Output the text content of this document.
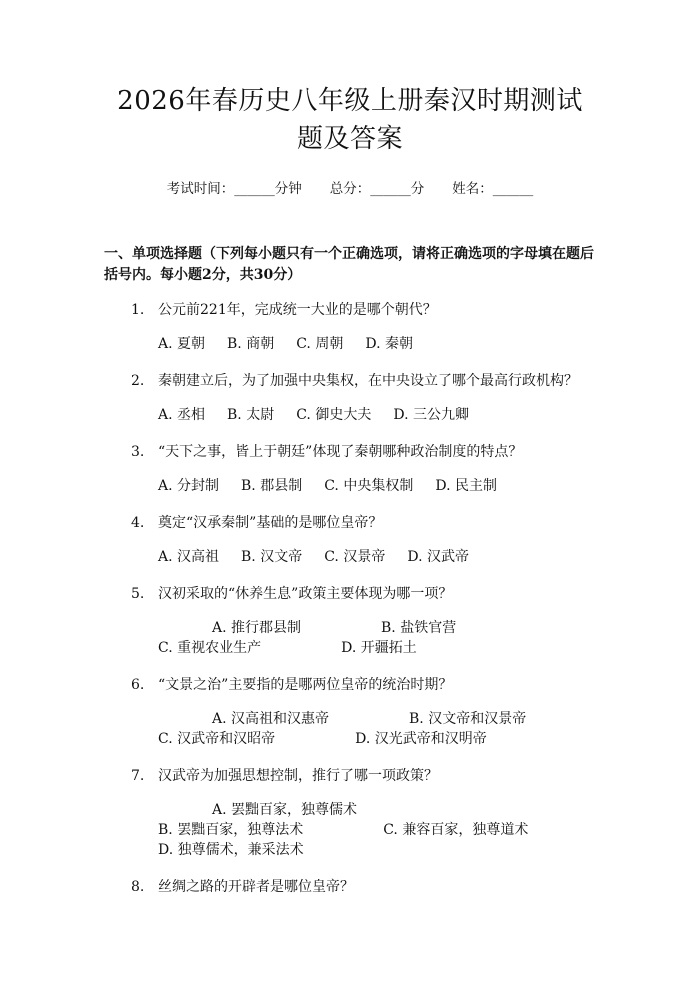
2026年春历史八年级上册秦汉时期测试题及答案
考试时间：______分钟 总分：______分 姓名：______
一、单项选择题（下列每小题只有一个正确选项，请将正确选项的字母填在题后括号内。每小题2分，共30分）
1. 公元前221年，完成统一大业的是哪个朝代？
A. 夏朝 B. 商朝 C. 周朝 D. 秦朝
2. 秦朝建立后，为了加强中央集权，在中央设立了哪个最高行政机构？
A. 丞相 B. 太尉 C. 御史大夫 D. 三公九卿
3. “天下之事，皆上于朝廷”体现了秦朝哪种政治制度的特点？
A. 分封制 B. 郡县制 C. 中央集权制 D. 民主制
4. 奠定“汉承秦制”基础的是哪位皇帝？
A. 汉高祖 B. 汉文帝 C. 汉景帝 D. 汉武帝
5. 汉初采取的“休养生息”政策主要体现为哪一项？
A. 推行郡县制	B. 盐铁官营C. 重视农业生产	D. 开疆拓土
6. “文景之治”主要指的是哪两位皇帝的统治时期？
A. 汉高祖和汉惠帝	B. 汉文帝和汉景帝C. 汉武帝和汉昭帝	D. 汉光武帝和汉明帝
7. 汉武帝为加强思想控制，推行了哪一项政策？
A. 罢黜百家，独尊儒术B. 罢黜百家，独尊法术	C. 兼容百家，独尊道术D. 独尊儒术，兼采法术
8. 丝绸之路的开辟者是哪位皇帝？
